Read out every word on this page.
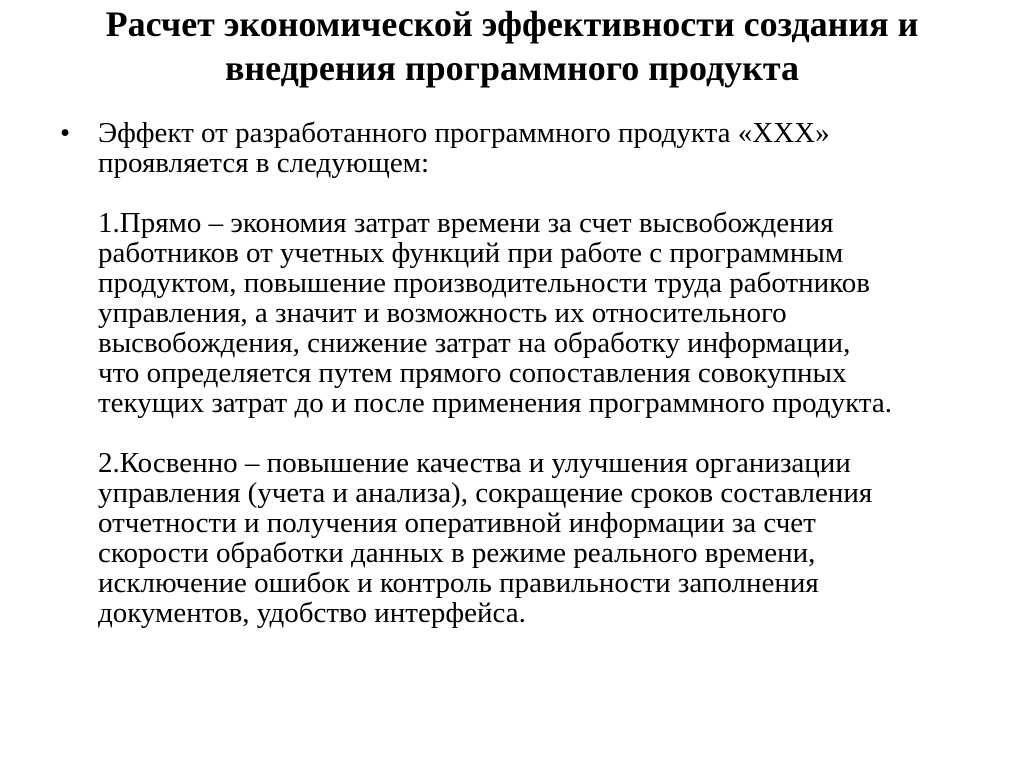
Расчет экономической эффективности создания и
внедрения программного продукта
• Эффект от разработанного программного продукта «ХХХ»
проявляется в следующем:
1.Прямо – экономия затрат времени за счет высвобождения
работников от учетных функций при работе с программным
продуктом, повышение производительности труда работников
управления, а значит и возможность их относительного
высвобождения, снижение затрат на обработку информации,
что определяется путем прямого сопоставления совокупных
текущих затрат до и после применения программного продукта.
2.Косвенно – повышение качества и улучшения организации
управления (учета и анализа), сокращение сроков составления
отчетности и получения оперативной информации за счет
скорости обработки данных в режиме реального времени,
исключение ошибок и контроль правильности заполнения
документов, удобство интерфейса.
